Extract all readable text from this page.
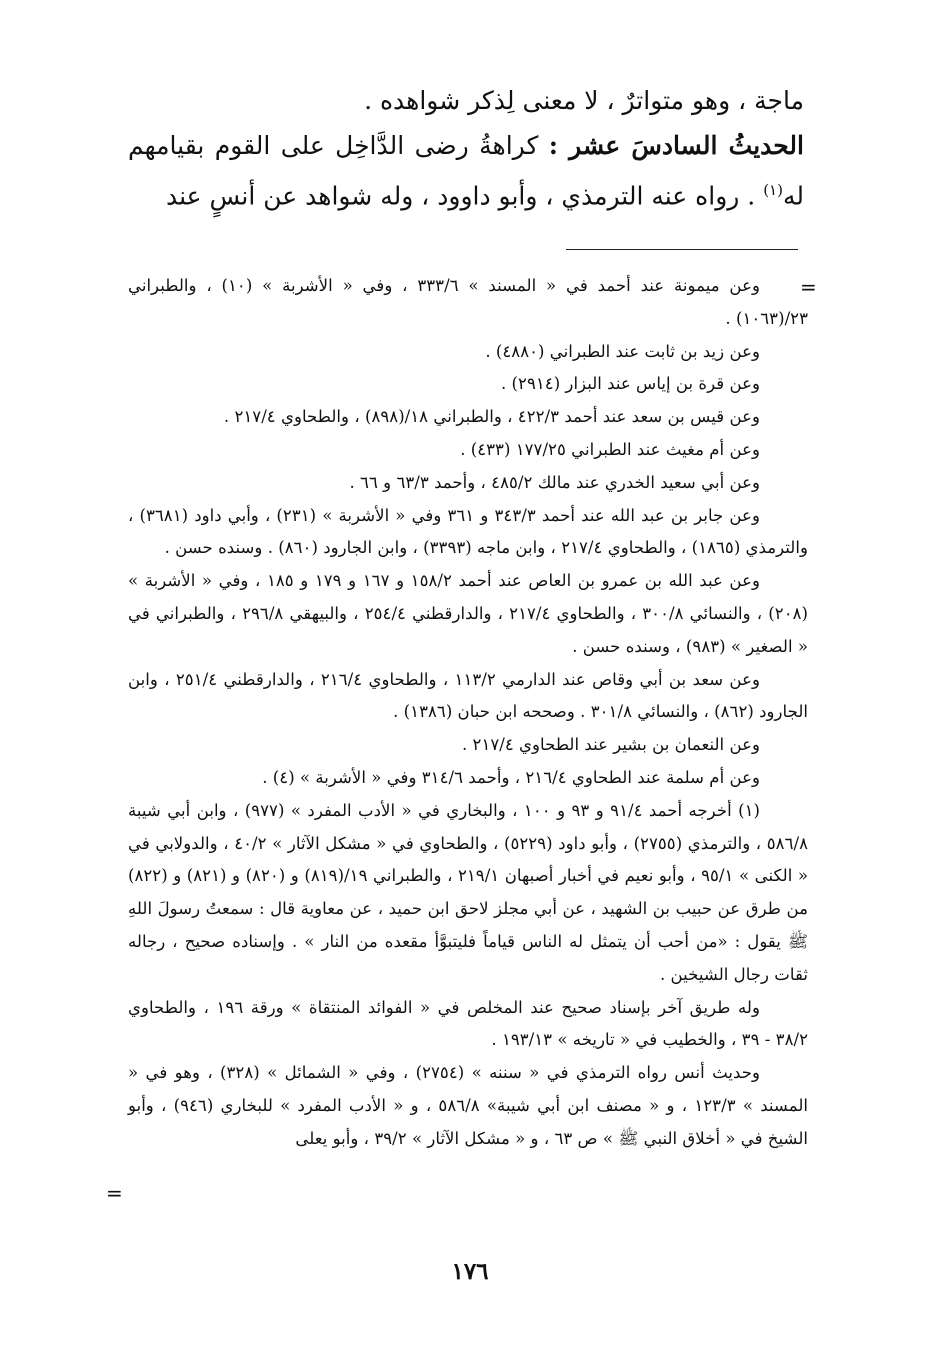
ماجة ، وهو متواترٌ ، لا معنى لِذكر شواهده .

الحديثُ السادسَ عشر : كراهةُ رضى الدَّاخِل على القوم بقيامهم له$^{(١)}$ . رواه عنه الترمذي ، وأبو داوود ، وله شواهد عن أنسٍ عند

=

وعن ميمونة عند أحمد في « المسند » ٣٣٣/٦ ، وفي « الأشربة » (١٠) ، والطبراني ٢٣/(١٠٦٣) .

وعن زيد بن ثابت عند الطبراني (٤٨٨٠) .

وعن قرة بن إياس عند البزار (٢٩١٤) .

وعن قيس بن سعد عند أحمد ٤٢٢/٣ ، والطبراني ١٨/(٨٩٨) ، والطحاوي ٢١٧/٤ .

وعن أم مغيث عند الطبراني ١٧٧/٢٥ (٤٣٣) .

وعن أبي سعيد الخدري عند مالك ٤٨٥/٢ ، وأحمد ٦٣/٣ و ٦٦ .

وعن جابر بن عبد الله عند أحمد ٣٤٣/٣ و ٣٦١ وفي « الأشربة » (٢٣١) ، وأبي داود (٣٦٨١) ، والترمذي (١٨٦٥) ، والطحاوي ٢١٧/٤ ، وابن ماجه (٣٣٩٣) ، وابن الجارود (٨٦٠) . وسنده حسن .

وعن عبد الله بن عمرو بن العاص عند أحمد ١٥٨/٢ و ١٦٧ و ١٧٩ و ١٨٥ ، وفي « الأشربة » (٢٠٨) ، والنسائي ٣٠٠/٨ ، والطحاوي ٢١٧/٤ ، والدارقطني ٢٥٤/٤ ، والبيهقي ٢٩٦/٨ ، والطبراني في « الصغير » (٩٨٣) ، وسنده حسن .

وعن سعد بن أبي وقاص عند الدارمي ١١٣/٢ ، والطحاوي ٢١٦/٤ ، والدارقطني ٢٥١/٤ ، وابن الجارود (٨٦٢) ، والنسائي ٣٠١/٨ . وصححه ابن حبان (١٣٨٦) .

وعن النعمان بن بشير عند الطحاوي ٢١٧/٤ .

وعن أم سلمة عند الطحاوي ٢١٦/٤ ، وأحمد ٣١٤/٦ وفي « الأشربة » (٤) .

(١) أخرجه أحمد ٩١/٤ و ٩٣ و ١٠٠ ، والبخاري في « الأدب المفرد » (٩٧٧) ، وابن أبي شيبة ٥٨٦/٨ ، والترمذي (٢٧٥٥) ، وأبو داود (٥٢٢٩) ، والطحاوي في « مشكل الآثار » ٤٠/٢ ، والدولابي في « الكنى » ٩٥/١ ، وأبو نعيم في أخبار أصبهان ٢١٩/١ ، والطبراني ١٩/(٨١٩) و (٨٢٠) و (٨٢١) و (٨٢٢) من طرق عن حبيب بن الشهيد ، عن أبي مجلز لاحق ابن حميد ، عن معاوية قال : سمعتُ رسولَ اللهِ ﷺ يقول : «من أحب أن يتمثل له الناس قياماً فليتبوَّأ مقعده من النار » . وإسناده صحيح ، رجاله ثقات رجال الشيخين .

وله طريق آخر بإسناد صحيح عند المخلص في « الفوائد المنتقاة » ورقة ١٩٦ ، والطحاوي ٣٨/٢ - ٣٩ ، والخطيب في « تاريخه » ١٩٣/١٣ .

وحديث أنس رواه الترمذي في « سننه » (٢٧٥٤) ، وفي « الشمائل » (٣٢٨) ، وهو في « المسند » ١٢٣/٣ ، و « مصنف ابن أبي شيبة» ٥٨٦/٨ ، و « الأدب المفرد » للبخاري (٩٤٦) ، وأبو الشيخ في « أخلاق النبي ﷺ » ص ٦٣ ، و « مشكل الآثار » ٣٩/٢ ، وأبو يعلى

=
١٧٦
